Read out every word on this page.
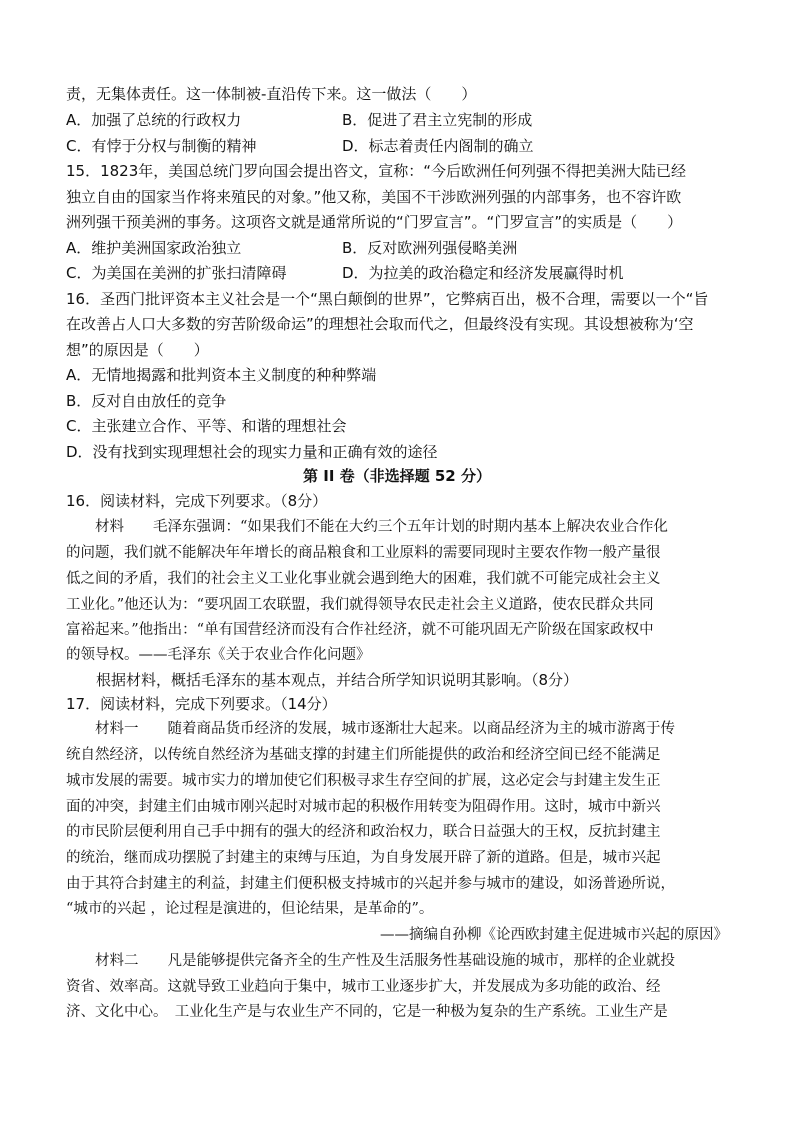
责，无集体责任。这一体制被-直沿传下来。这一做法（　　）
A．加强了总统的行政权力	B．促进了君主立宪制的形成
C．有悖于分权与制衡的精神	D．标志着责任内阁制的确立
15．1823年，美国总统门罗向国会提出咨文，宣称：“今后欧洲任何列强不得把美洲大陆已经
独立自由的国家当作将来殖民的对象。”他又称，美国不干涉欧洲列强的内部事务，也不容许欧
洲列强干预美洲的事务。这项咨文就是通常所说的“门罗宣言”。“门罗宣言”的实质是（　　）
A．维护美洲国家政治独立	B．反对欧洲列强侵略美洲
C．为美国在美洲的扩张扫清障碍	D．为拉美的政治稳定和经济发展赢得时机
16．圣西门批评资本主义社会是一个“黑白颠倒的世界”，它弊病百出，极不合理，需要以一个“旨
在改善占人口大多数的穷苦阶级命运”的理想社会取而代之，但最终没有实现。其设想被称为‘空
想”的原因是（　　）
A．无情地揭露和批判资本主义制度的种种弊端
B．反对自由放任的竞争
C．主张建立合作、平等、和谐的理想社会
D．没有找到实现理想社会的现实力量和正确有效的途径
第 II 卷（非选择题 52 分）
16．阅读材料，完成下列要求。（8分）
　　材料　　毛泽东强调：“如果我们不能在大约三个五年计划的时期内基本上解决农业合作化
的问题，我们就不能解决年年增长的商品粮食和工业原料的需要同现时主要农作物一般产量很
低之间的矛盾，我们的社会主义工业化事业就会遇到绝大的困难，我们就不可能完成社会主义
工业化。”他还认为：“要巩固工农联盟，我们就得领导农民走社会主义道路，使农民群众共同
富裕起来。”他指出：“单有国营经济而没有合作社经济，就不可能巩固无产阶级在国家政权中
的领导权。——毛泽东《关于农业合作化问题》
　　根据材料，概括毛泽东的基本观点，并结合所学知识说明其影响。（8分）
17．阅读材料，完成下列要求。（14分）
　　材料一　　随着商品货币经济的发展，城市逐渐壮大起来。以商品经济为主的城市游离于传
统自然经济，以传统自然经济为基础支撑的封建主们所能提供的政治和经济空间已经不能满足
城市发展的需要。城市实力的增加使它们积极寻求生存空间的扩展，这必定会与封建主发生正
面的冲突，封建主们由城市刚兴起时对城市起的积极作用转变为阻碍作用。这时，城市中新兴
的市民阶层便利用自己手中拥有的强大的经济和政治权力，联合日益强大的王权，反抗封建主
的统治，继而成功摆脱了封建主的束缚与压迫，为自身发展开辟了新的道路。但是，城市兴起
由于其符合封建主的利益，封建主们便积极支持城市的兴起并参与城市的建设，如汤普逊所说，
“城市的兴起 ，论过程是演进的，但论结果，是革命的”。
——摘编自孙柳《论西欧封建主促进城市兴起的原因》
　　材料二　　凡是能够提供完备齐全的生产性及生活服务性基础设施的城市，那样的企业就投
资省、效率高。这就导致工业趋向于集中，城市工业逐步扩大，并发展成为多功能的政治、经
济、文化中心。　工业化生产是与农业生产不同的，它是一种极为复杂的生产系统。工业生产是
